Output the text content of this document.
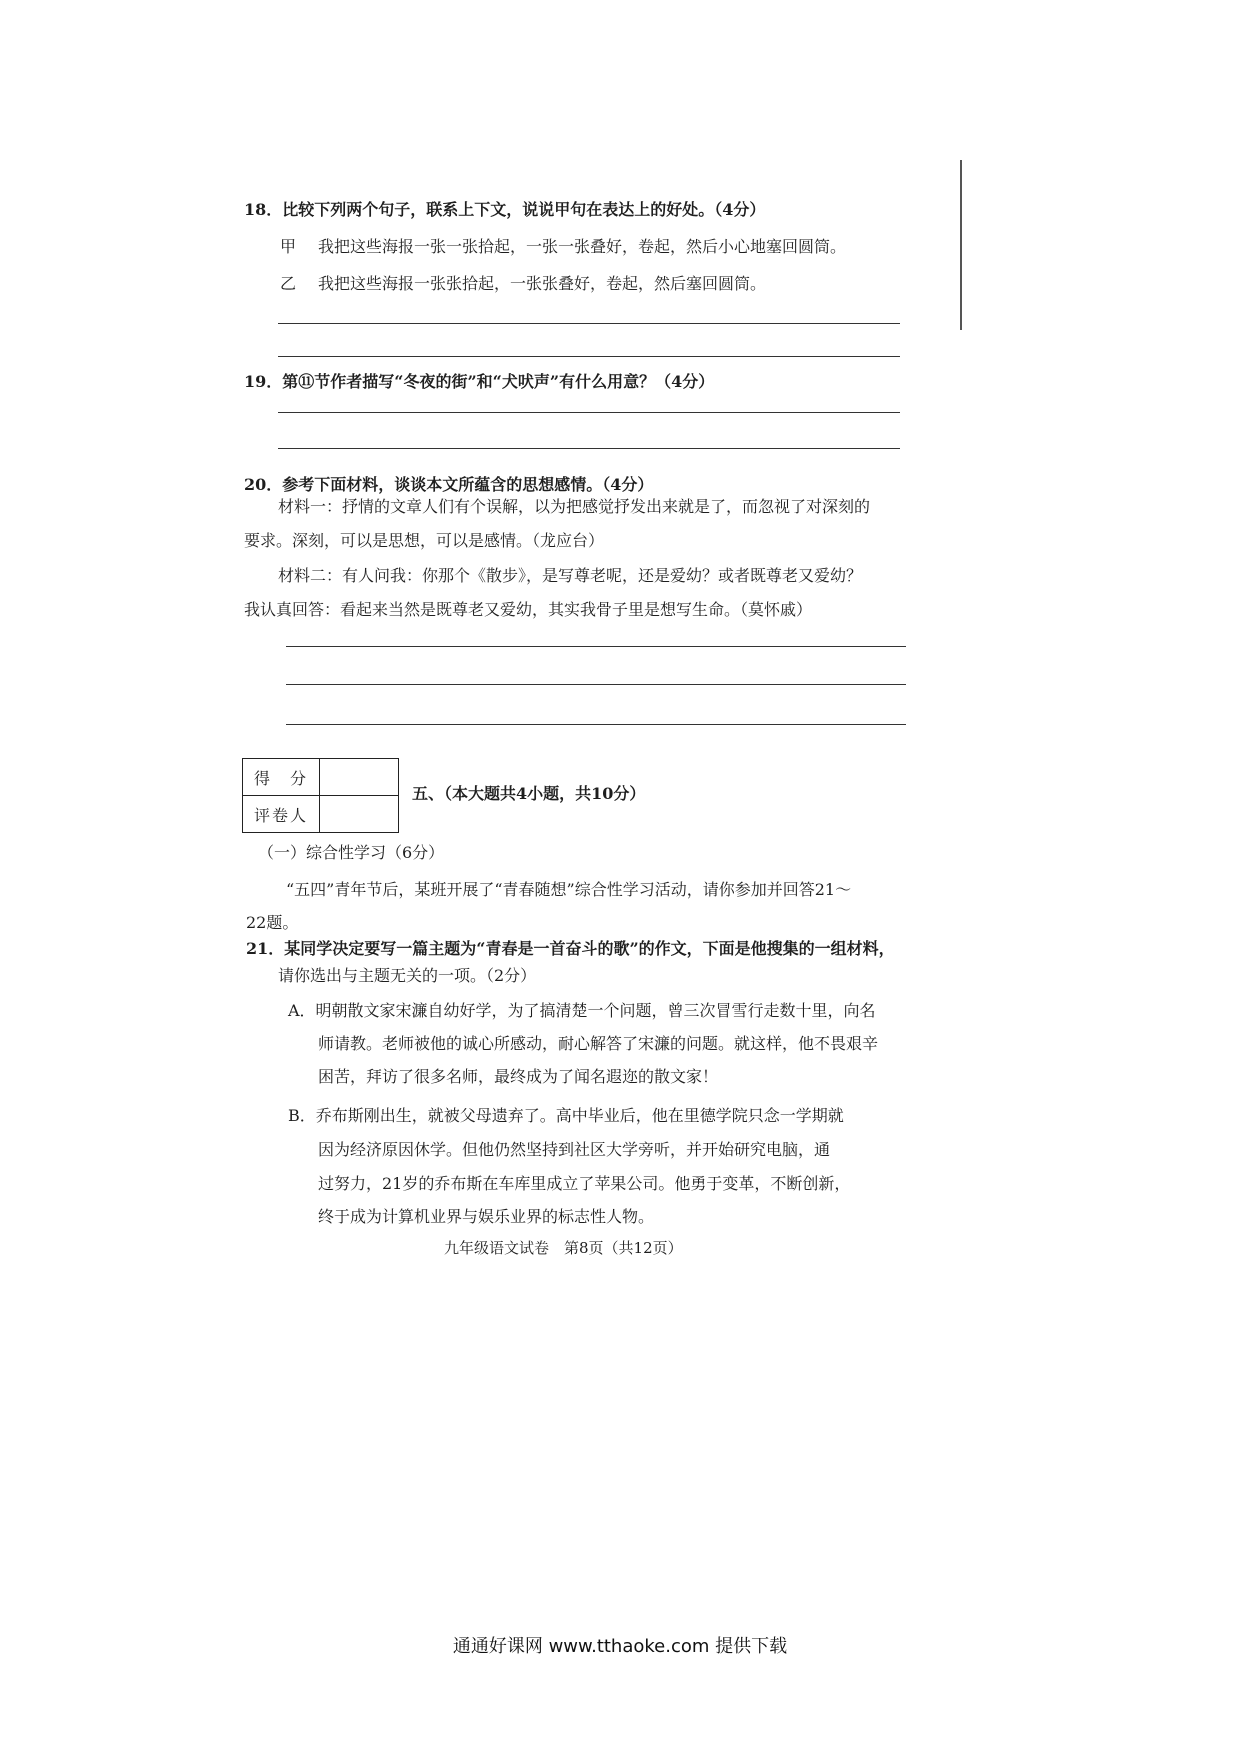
18．比较下列两个句子，联系上下文，说说甲句在表达上的好处。（4分）
甲 我把这些海报一张一张拾起，一张一张叠好，卷起，然后小心地塞回圆筒。
乙 我把这些海报一张张拾起，一张张叠好，卷起，然后塞回圆筒。
19．第⑪节作者描写“冬夜的街”和“犬吠声”有什么用意？（4分）
20．参考下面材料，谈谈本文所蕴含的思想感情。（4分）
材料一：抒情的文章人们有个误解，以为把感觉抒发出来就是了，而忽视了对深刻的
要求。深刻，可以是思想，可以是感情。（龙应台）
材料二：有人问我：你那个《散步》，是写尊老呢，还是爱幼？或者既尊老又爱幼？
我认真回答：看起来当然是既尊老又爱幼，其实我骨子里是想写生命。（莫怀戚）
得　分	
评卷人	
五、（本大题共4小题，共10分）
（一）综合性学习（6分）
“五四”青年节后，某班开展了“青春随想”综合性学习活动，请你参加并回答21～
22题。
21．某同学决定要写一篇主题为“青春是一首奋斗的歌”的作文，下面是他搜集的一组材料，
请你选出与主题无关的一项。（2分）
A．明朝散文家宋濂自幼好学，为了搞清楚一个问题，曾三次冒雪行走数十里，向名
师请教。老师被他的诚心所感动，耐心解答了宋濂的问题。就这样，他不畏艰辛
困苦，拜访了很多名师，最终成为了闻名遐迩的散文家！
B．乔布斯刚出生，就被父母遗弃了。高中毕业后，他在里德学院只念一学期就
因为经济原因休学。但他仍然坚持到社区大学旁听，并开始研究电脑，通
过努力，21岁的乔布斯在车库里成立了苹果公司。他勇于变革，不断创新，
终于成为计算机业界与娱乐业界的标志性人物。
九年级语文试卷　第8页（共12页）
通通好课网 www.tthaoke.com 提供下载
